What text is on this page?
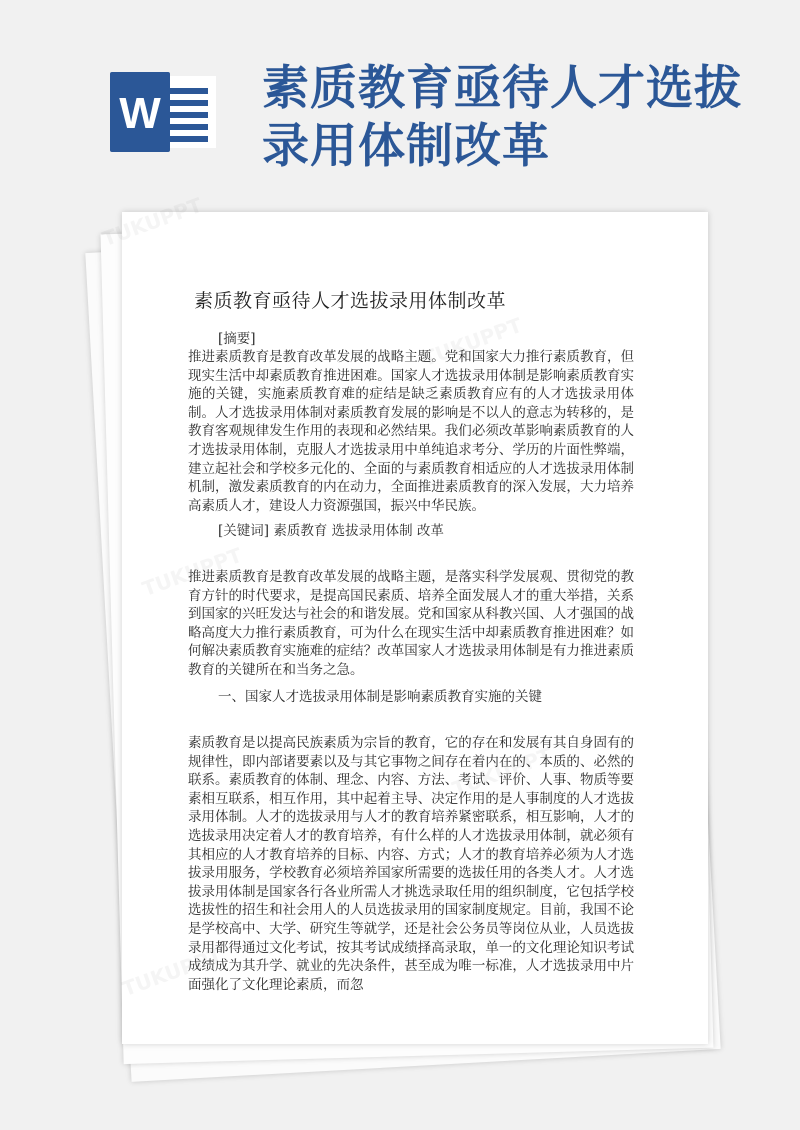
W 素质教育亟待人才选拔
录用体制改革
素质教育亟待人才选拔录用体制改革
[摘要]
推进素质教育是教育改革发展的战略主题。党和国家大力推行素质教育，但现实生活中却素质教育推进困难。国家人才选拔录用体制是影响素质教育实施的关键，实施素质教育难的症结是缺乏素质教育应有的人才选拔录用体制。人才选拔录用体制对素质教育发展的影响是不以人的意志为转移的，是教育客观规律发生作用的表现和必然结果。我们必须改革影响素质教育的人才选拔录用体制，克服人才选拔录用中单纯追求考分、学历的片面性弊端，建立起社会和学校多元化的、全面的与素质教育相适应的人才选拔录用体制机制，激发素质教育的内在动力，全面推进素质教育的深入发展，大力培养高素质人才，建设人力资源强国，振兴中华民族。
[关键词] 素质教育 选拔录用体制 改革
推进素质教育是教育改革发展的战略主题，是落实科学发展观、贯彻党的教育方针的时代要求，是提高国民素质、培养全面发展人才的重大举措，关系到国家的兴旺发达与社会的和谐发展。党和国家从科教兴国、人才强国的战略高度大力推行素质教育，可为什么在现实生活中却素质教育推进困难？如何解决素质教育实施难的症结？改革国家人才选拔录用体制是有力推进素质教育的关键所在和当务之急。
一、国家人才选拔录用体制是影响素质教育实施的关键
素质教育是以提高民族素质为宗旨的教育，它的存在和发展有其自身固有的规律性，即内部诸要素以及与其它事物之间存在着内在的、本质的、必然的联系。素质教育的体制、理念、内容、方法、考试、评价、人事、物质等要素相互联系，相互作用，其中起着主导、决定作用的是人事制度的人才选拔录用体制。人才的选拔录用与人才的教育培养紧密联系，相互影响，人才的选拔录用决定着人才的教育培养，有什么样的人才选拔录用体制，就必须有其相应的人才教育培养的目标、内容、方式；人才的教育培养必须为人才选拔录用服务，学校教育必须培养国家所需要的选拔任用的各类人才。人才选拔录用体制是国家各行各业所需人才挑选录取任用的组织制度，它包括学校选拔性的招生和社会用人的人员选拔录用的国家制度规定。目前，我国不论是学校高中、大学、研究生等就学，还是社会公务员等岗位从业，人员选拔录用都得通过文化考试，按其考试成绩择高录取，单一的文化理论知识考试成绩成为其升学、就业的先决条件，甚至成为唯一标准，人才选拔录用中片面强化了文化理论素质，而忽
